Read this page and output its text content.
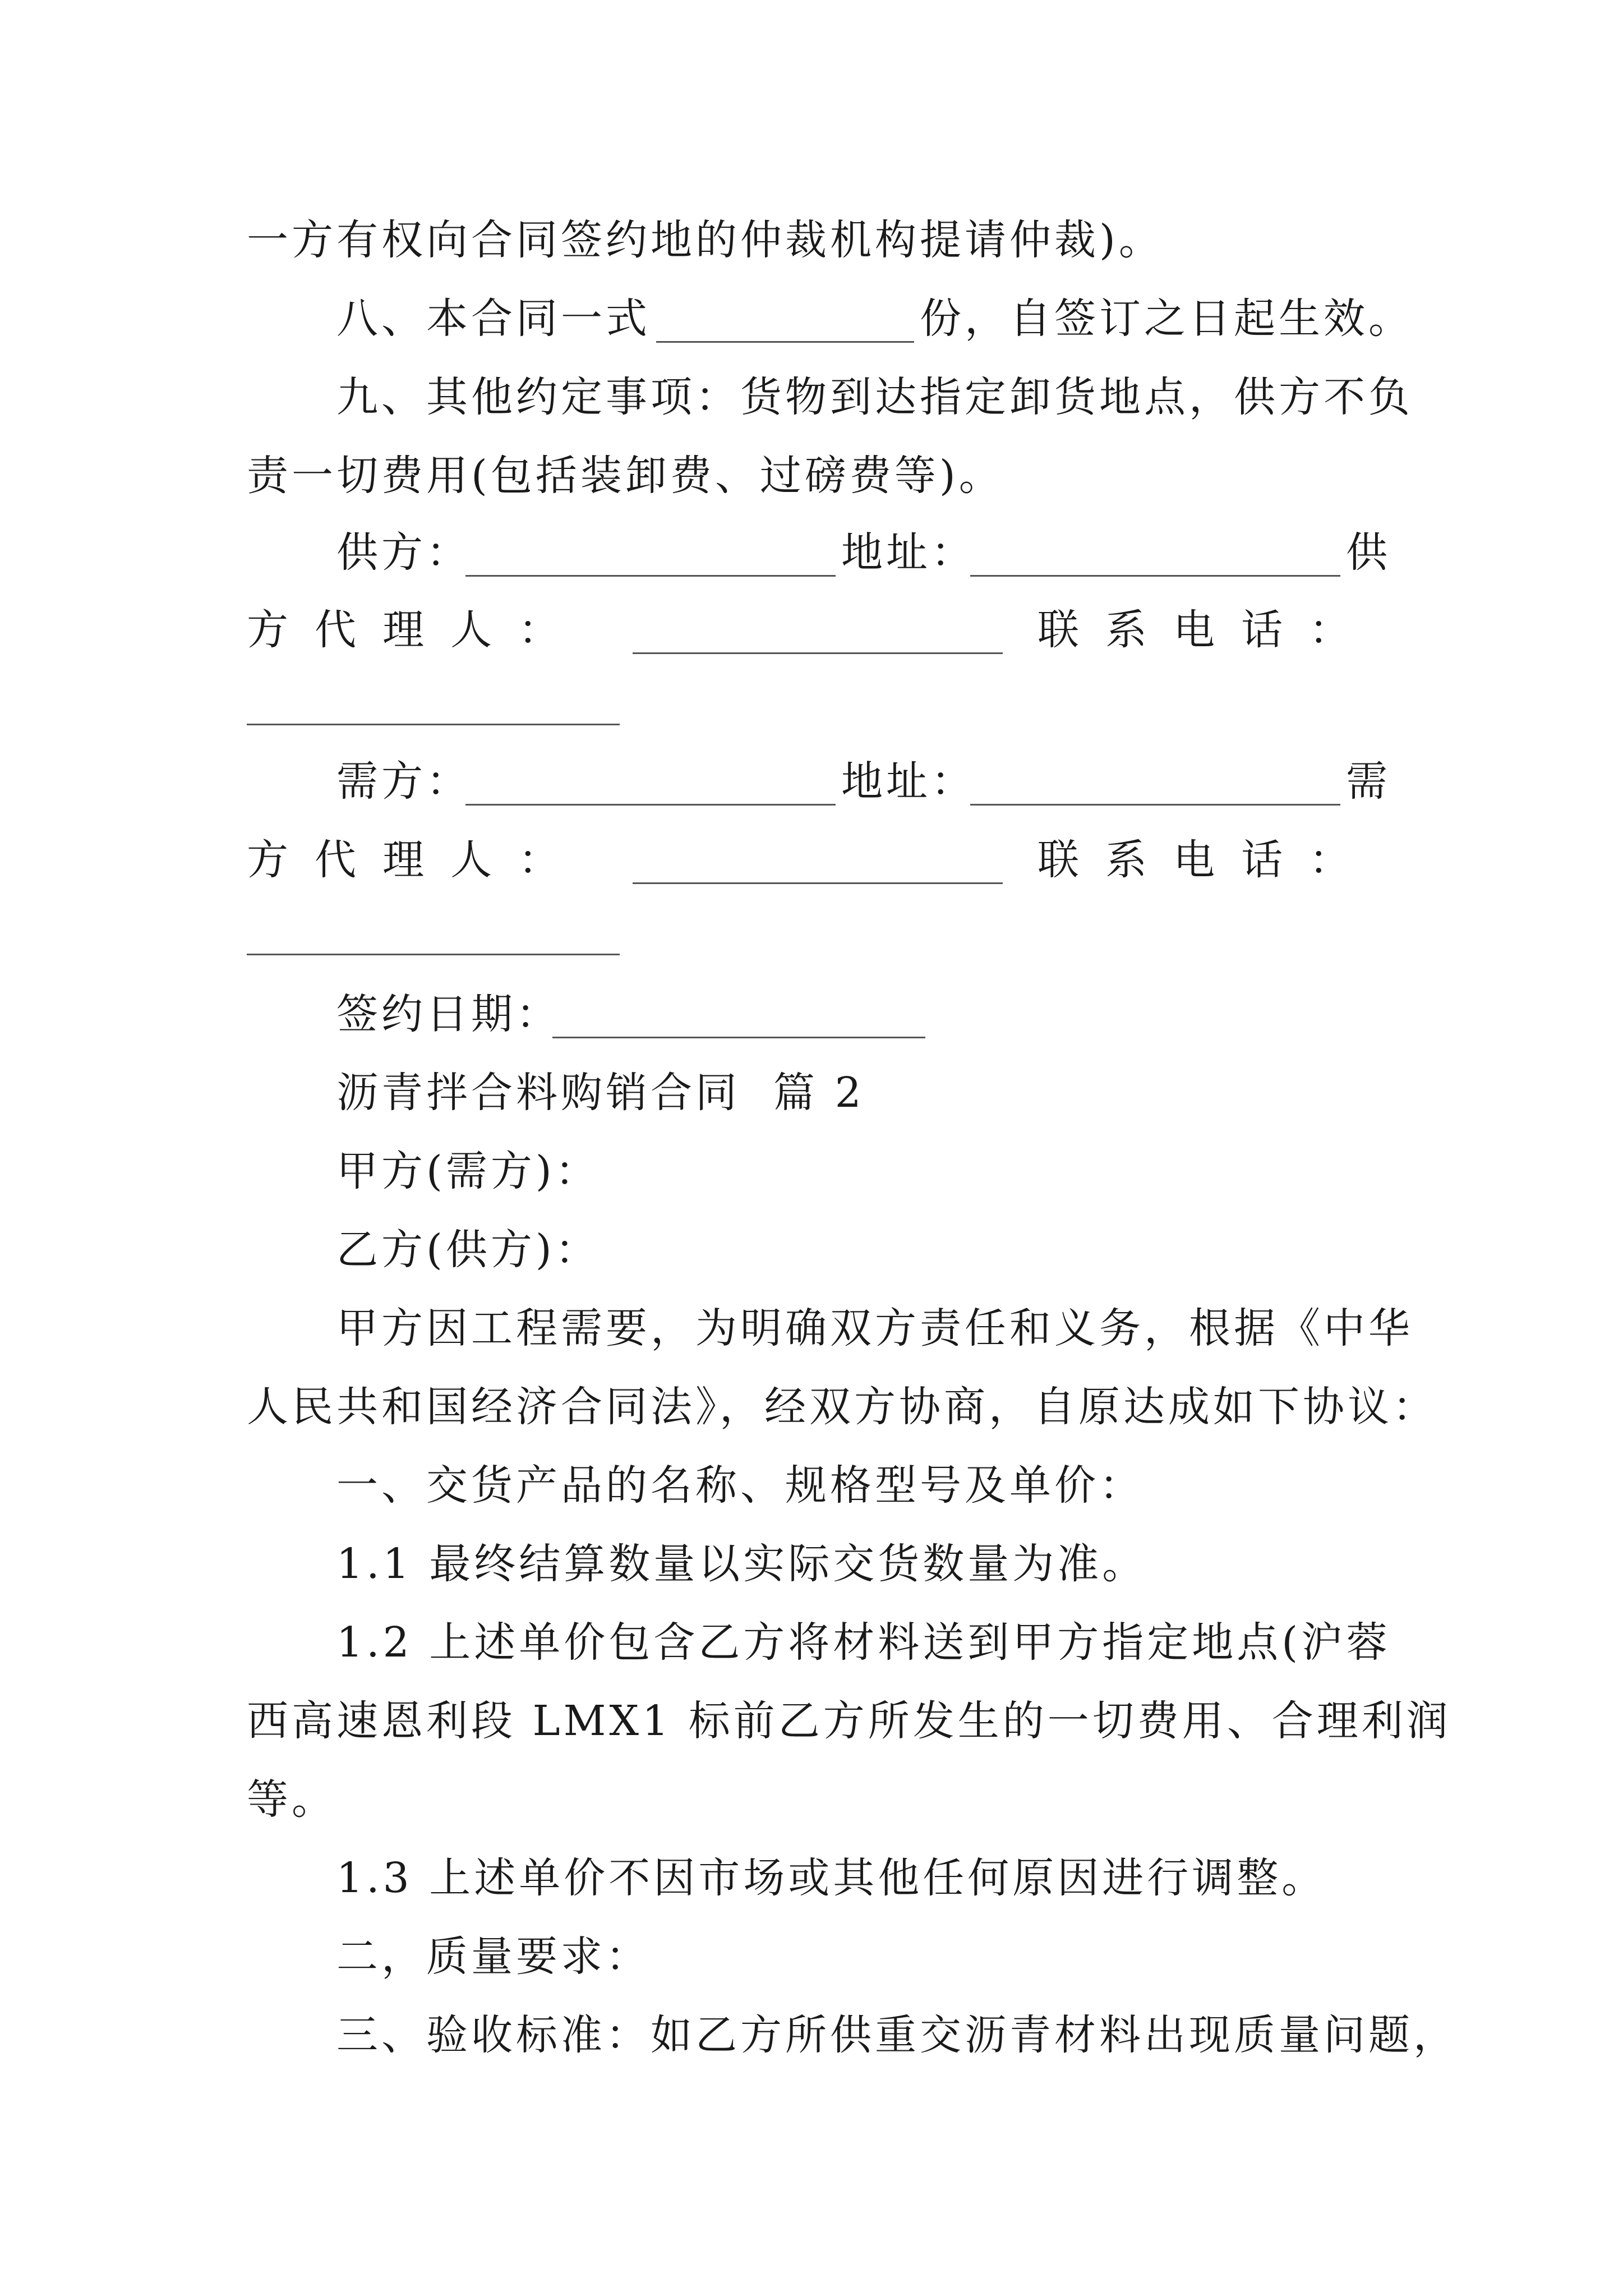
一方有权向合同签约地的仲裁机构提请仲裁)。
八、本合同一式	份，自签订之日起生效。
九、其他约定事项：货物到达指定卸货地点，供方不负
责一切费用(包括装卸费、过磅费等)。
供方：	地址：	供
方  代  理  人  ：	联  系  电  话  ：
需方：	地址：	需
方  代  理  人  ：	联  系  电  话  ：
签约日期：
沥青拌合料购销合同  篇 2
甲方(需方)：
乙方(供方)：
甲方因工程需要，为明确双方责任和义务，根据《中华
人民共和国经济合同法》，经双方协商，自原达成如下协议：
一、交货产品的名称、规格型号及单价：
1.1 最终结算数量以实际交货数量为准。
1.2 上述单价包含乙方将材料送到甲方指定地点(沪蓉
西高速恩利段 LMX1 标前乙方所发生的一切费用、合理利润
等。
1.3 上述单价不因市场或其他任何原因进行调整。
二，质量要求：
三、验收标准：如乙方所供重交沥青材料出现质量问题，
